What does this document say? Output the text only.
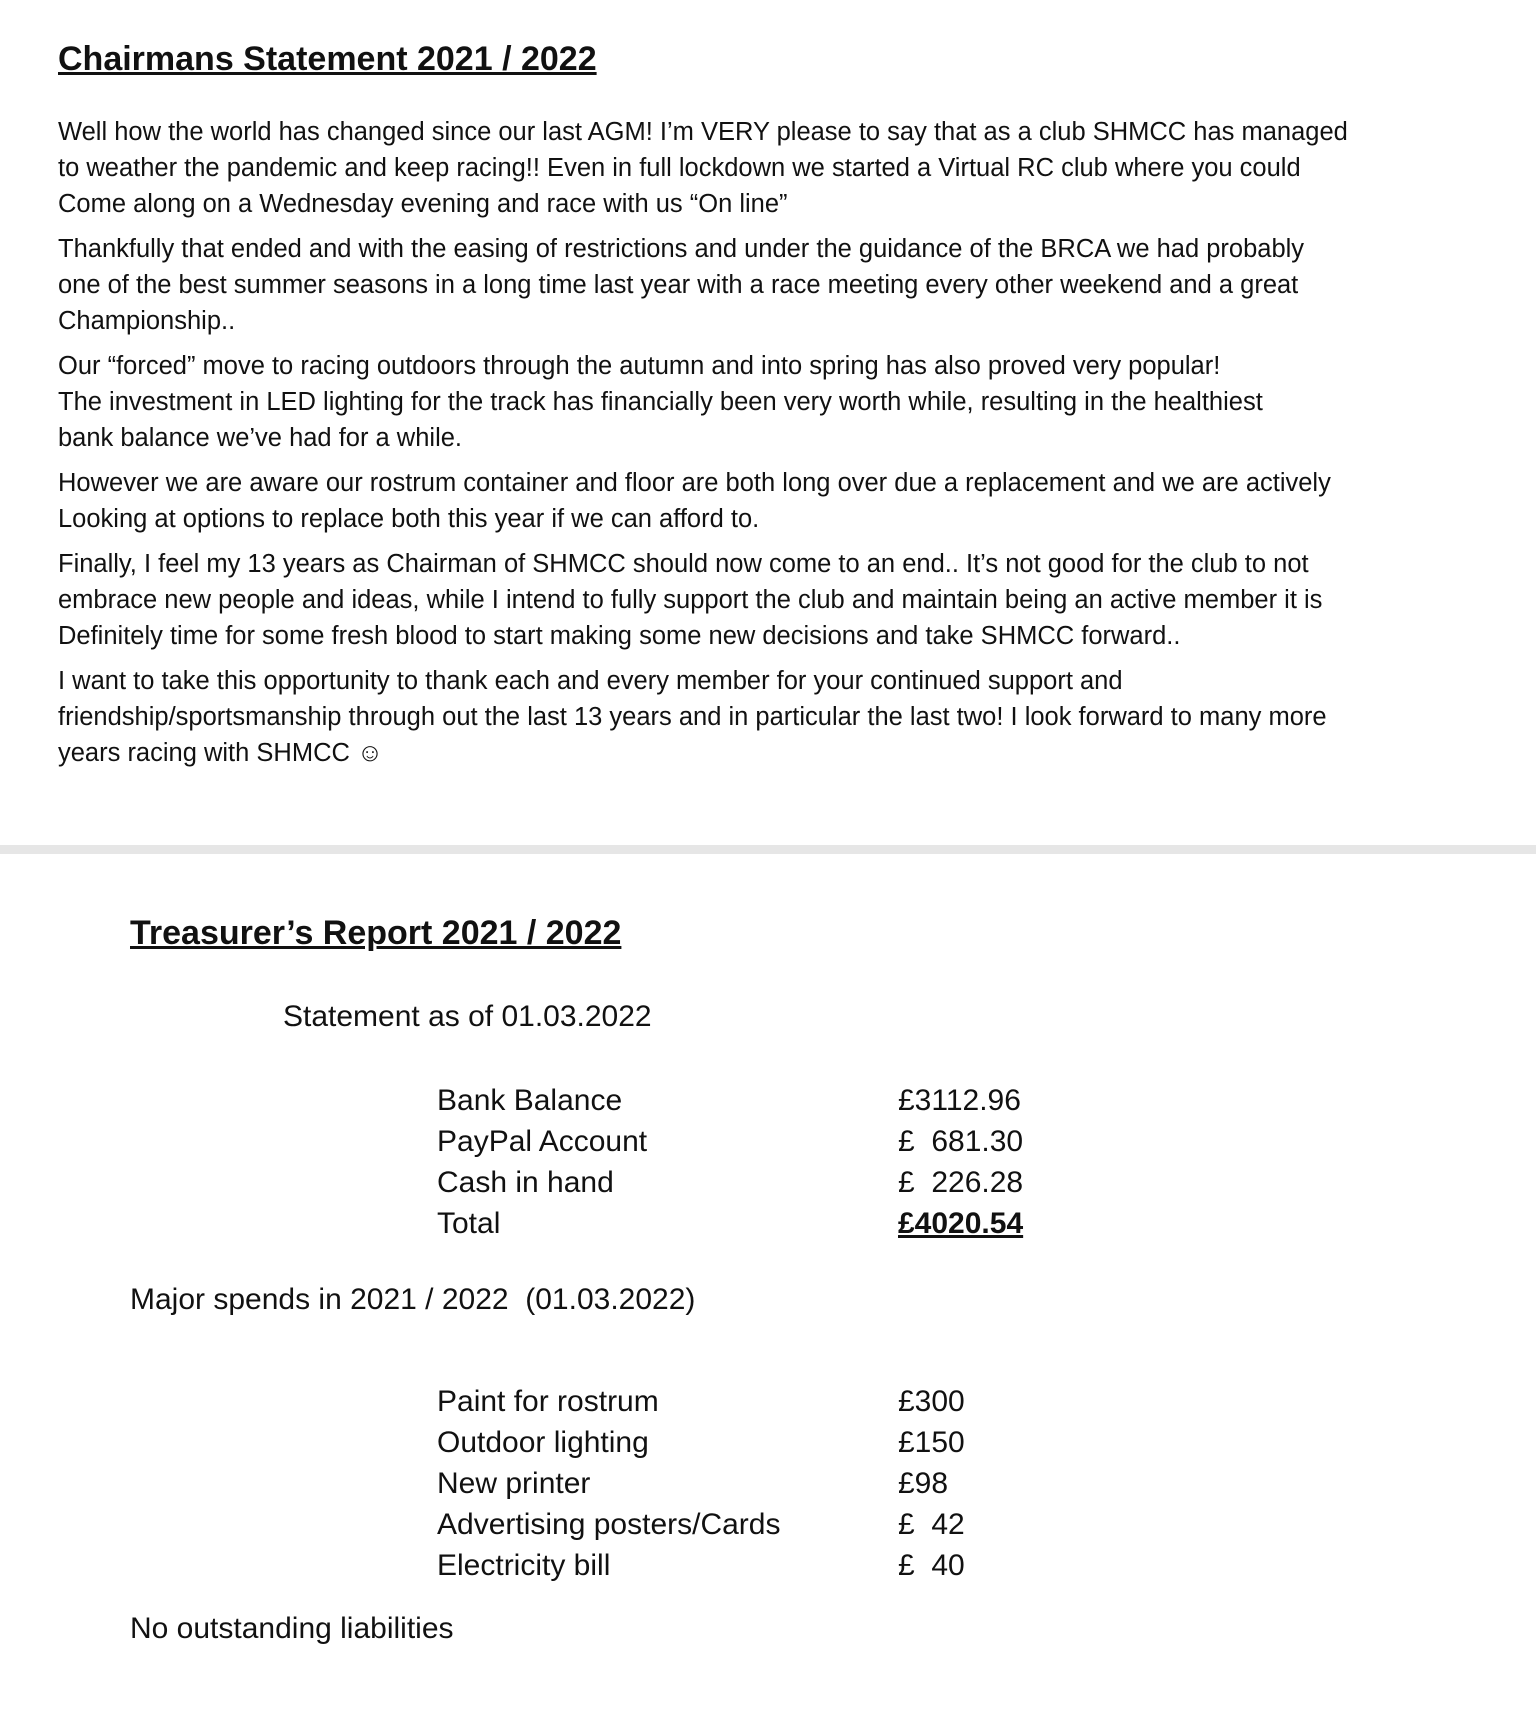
Chairmans Statement 2021 / 2022

Well how the world has changed since our last AGM! I’m VERY please to say that as a club SHMCC has managed
to weather the pandemic and keep racing!! Even in full lockdown we started a Virtual RC club where you could
Come along on a Wednesday evening and race with us “On line”

Thankfully that ended and with the easing of restrictions and under the guidance of the BRCA we had probably
one of the best summer seasons in a long time last year with a race meeting every other weekend and a great
Championship..

Our “forced” move to racing outdoors through the autumn and into spring has also proved very popular!
The investment in LED lighting for the track has financially been very worth while, resulting in the healthiest
bank balance we’ve had for a while.

However we are aware our rostrum container and floor are both long over due a replacement and we are actively
Looking at options to replace both this year if we can afford to.

Finally, I feel my 13 years as Chairman of SHMCC should now come to an end.. It’s not good for the club to not
embrace new people and ideas, while I intend to fully support the club and maintain being an active member it is
Definitely time for some fresh blood to start making some new decisions and take SHMCC forward..

I want to take this opportunity to thank each and every member for your continued support and
friendship/sportsmanship through out the last 13 years and in particular the last two! I look forward to many more
years racing with SHMCC ☺

Treasurer’s Report 2021 / 2022
Statement as of 01.03.2022
Bank Balance	£3112.96
PayPal Account	£  681.30
Cash in hand	£  226.28
Total	£4020.54
Major spends in 2021 / 2022  (01.03.2022)
Paint for rostrum	£300
Outdoor lighting	£150
New printer	£98
Advertising posters/Cards	£  42
Electricity bill	£  40
No outstanding liabilities
